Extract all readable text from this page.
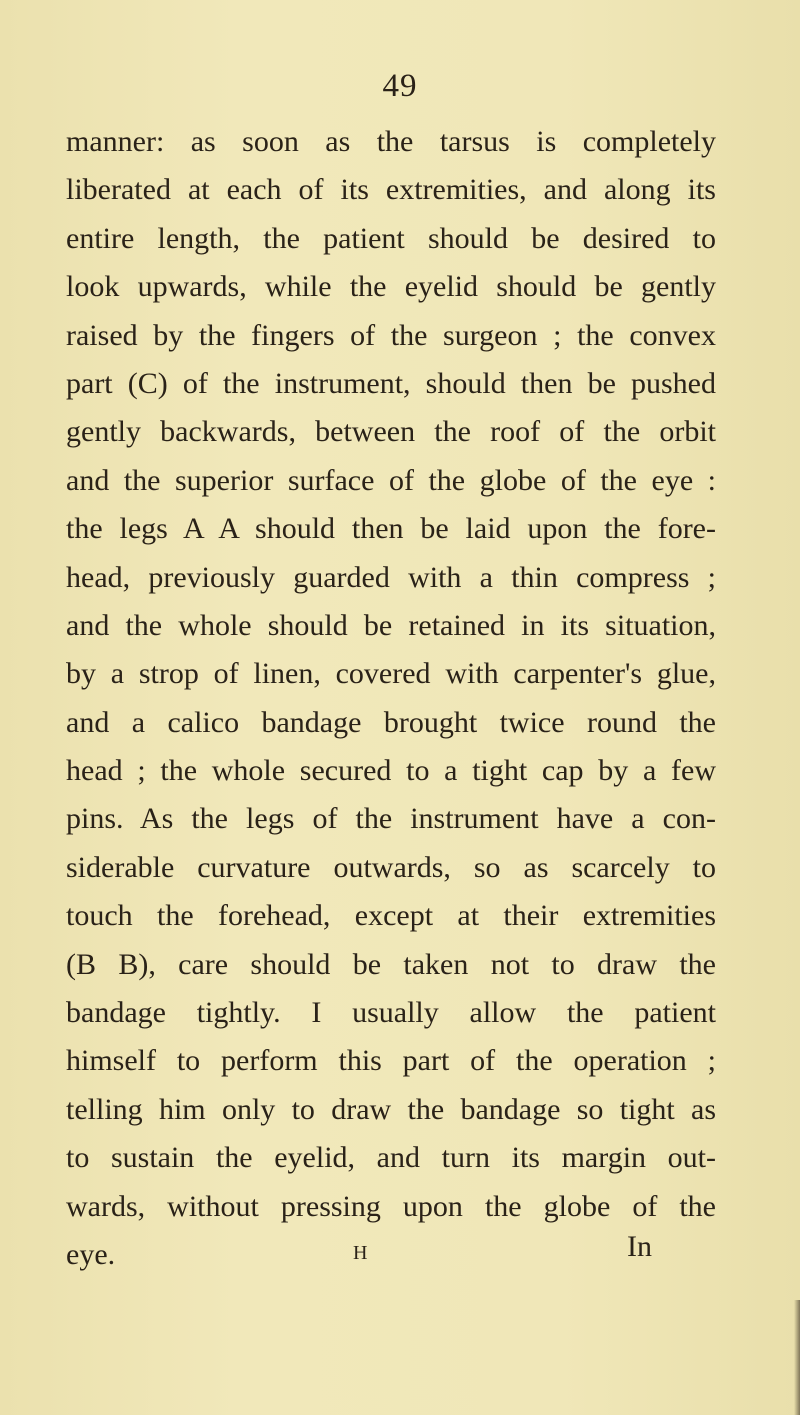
49
manner: as soon as the tarsus is completely
liberated at each of its extremities, and along its
entire length, the patient should be desired to
look upwards, while the eyelid should be gently
raised by the fingers of the surgeon ; the convex
part (C) of the instrument, should then be pushed
gently backwards, between the roof of the orbit
and the superior surface of the globe of the eye :
the legs A A should then be laid upon the fore-
head, previously guarded with a thin compress ;
and the whole should be retained in its situation,
by a strop of linen, covered with carpenter's glue,
and a calico bandage brought twice round the
head ; the whole secured to a tight cap by a few
pins. As the legs of the instrument have a con-
siderable curvature outwards, so as scarcely to
touch the forehead, except at their extremities
(B B), care should be taken not to draw the
bandage tightly. I usually allow the patient
himself to perform this part of the operation ;
telling him only to draw the bandage so tight as
to sustain the eyelid, and turn its margin out-
wards, without pressing upon the globe of the
eye.	H	In
